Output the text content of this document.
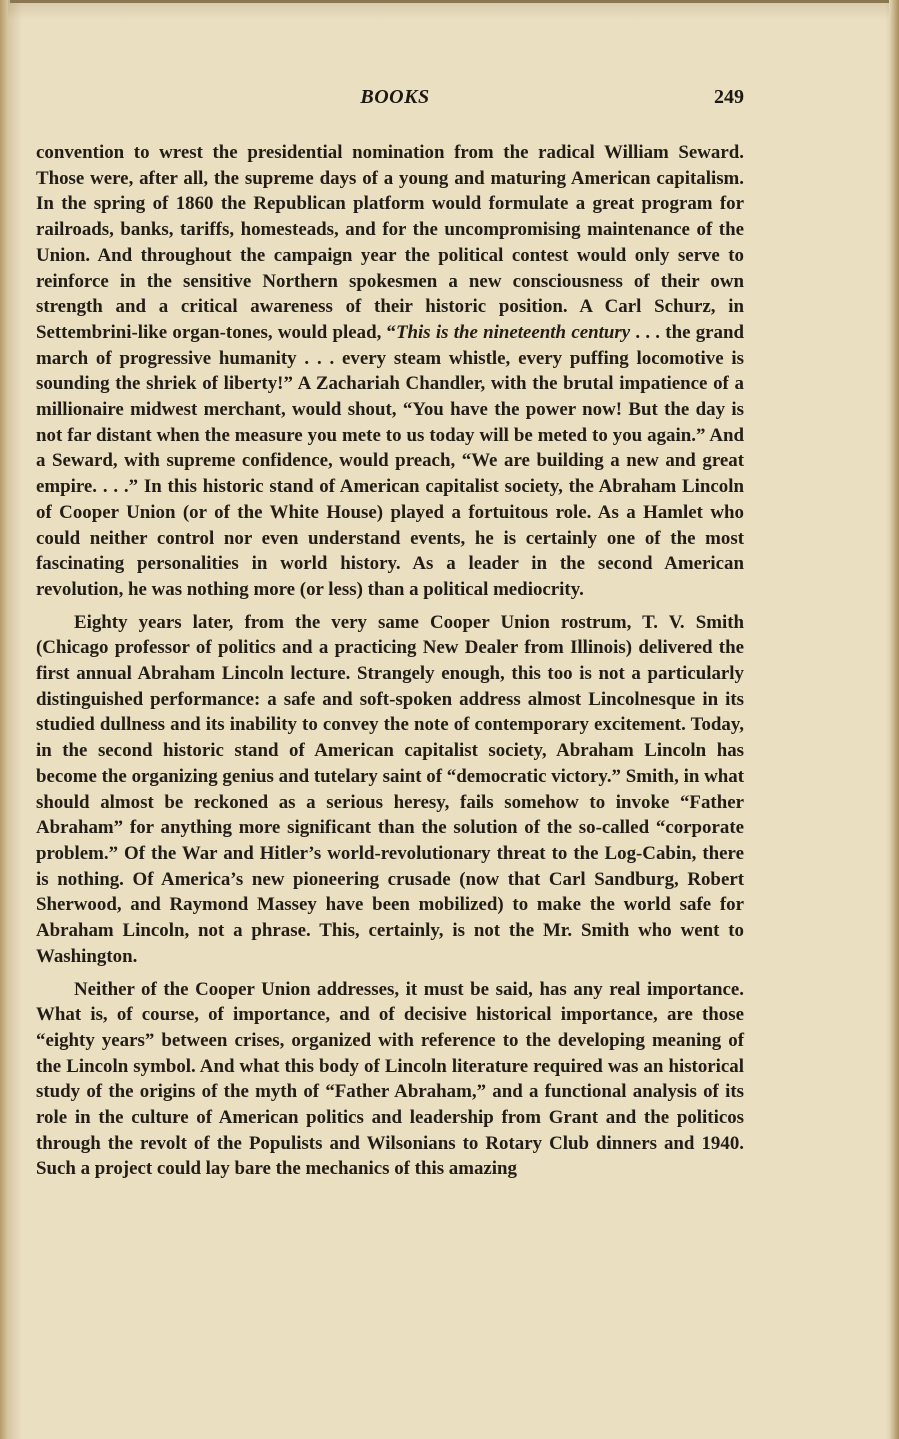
BOOKS	249

convention to wrest the presidential nomination from the radical William Seward. Those were, after all, the supreme days of a young and maturing American capitalism. In the spring of 1860 the Republican platform would formulate a great program for railroads, banks, tariffs, homesteads, and for the uncompromising maintenance of the Union. And throughout the campaign year the political contest would only serve to reinforce in the sensitive Northern spokesmen a new consciousness of their own strength and a critical awareness of their historic position. A Carl Schurz, in Settembrini-like organ-tones, would plead, “This is the nineteenth century . . . the grand march of progressive humanity . . . every steam whistle, every puffing locomotive is sounding the shriek of liberty!” A Zachariah Chandler, with the brutal impatience of a millionaire midwest merchant, would shout, “You have the power now! But the day is not far distant when the measure you mete to us today will be meted to you again.” And a Seward, with supreme confidence, would preach, “We are building a new and great empire. . . .” In this historic stand of American capitalist society, the Abraham Lincoln of Cooper Union (or of the White House) played a fortuitous role. As a Hamlet who could neither control nor even understand events, he is certainly one of the most fascinating personalities in world history. As a leader in the second American revolution, he was nothing more (or less) than a political mediocrity.

Eighty years later, from the very same Cooper Union rostrum, T. V. Smith (Chicago professor of politics and a practicing New Dealer from Illinois) delivered the first annual Abraham Lincoln lecture. Strangely enough, this too is not a particularly distinguished performance: a safe and soft-spoken address almost Lincolnesque in its studied dullness and its inability to convey the note of contemporary excitement. Today, in the second historic stand of American capitalist society, Abraham Lincoln has become the organizing genius and tutelary saint of “democratic victory.” Smith, in what should almost be reckoned as a serious heresy, fails somehow to invoke “Father Abraham” for anything more significant than the solution of the so-called “corporate problem.” Of the War and Hitler’s world-revolutionary threat to the Log-Cabin, there is nothing. Of America’s new pioneering crusade (now that Carl Sandburg, Robert Sherwood, and Raymond Massey have been mobilized) to make the world safe for Abraham Lincoln, not a phrase. This, certainly, is not the Mr. Smith who went to Washington.

Neither of the Cooper Union addresses, it must be said, has any real importance. What is, of course, of importance, and of decisive historical importance, are those “eighty years” between crises, organized with reference to the developing meaning of the Lincoln symbol. And what this body of Lincoln literature required was an historical study of the origins of the myth of “Father Abraham,” and a functional analysis of its role in the culture of American politics and leadership from Grant and the politicos through the revolt of the Populists and Wilsonians to Rotary Club dinners and 1940. Such a project could lay bare the mechanics of this amazing
